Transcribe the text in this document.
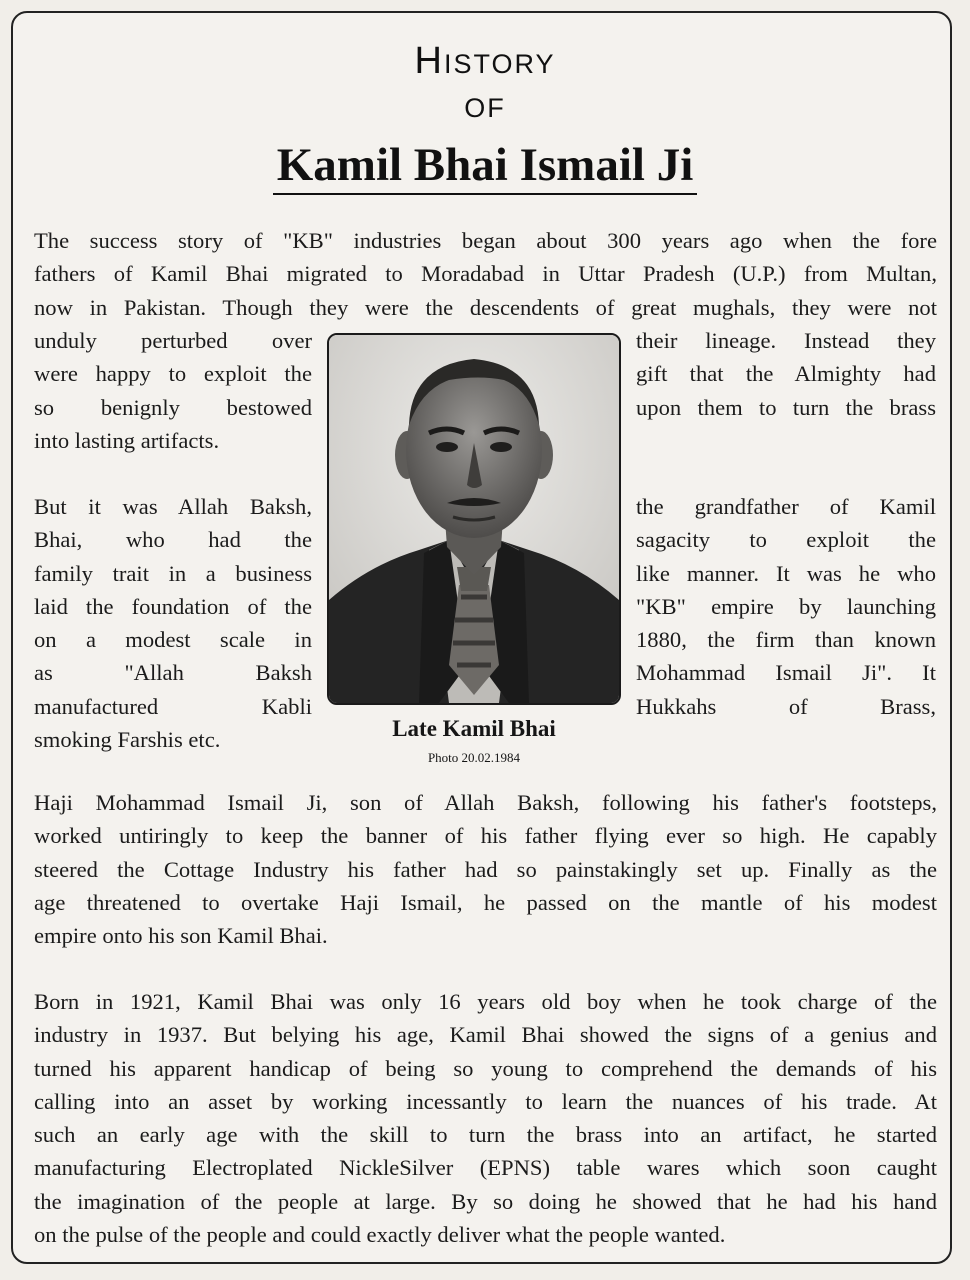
HISTORY
OF
Kamil Bhai Ismail Ji
The success story of "KB" industries began about 300 years ago when the fore
fathers of Kamil Bhai migrated to Moradabad in Uttar Pradesh (U.P.) from Multan,
now in Pakistan. Though they were the descendents of great mughals, they were not
unduly perturbed over
were happy to exploit the
so benignly bestowed
into lasting artifacts.
their lineage. Instead they
gift that the Almighty had
upon them to turn the brass
But it was Allah Baksh,
Bhai, who had the
family trait in a business
laid the foundation of the
on a modest scale in
as "Allah Baksh
manufactured Kabli
smoking Farshis etc.
the grandfather of Kamil
sagacity to exploit the
like manner. It was he who
"KB" empire by launching
1880, the firm than known
Mohammad Ismail Ji". It
Hukkahs of Brass,
Late Kamil Bhai
Photo 20.02.1984
Haji Mohammad Ismail Ji, son of Allah Baksh, following his father's footsteps,
worked untiringly to keep the banner of his father flying ever so high. He capably
steered the Cottage Industry his father had so painstakingly set up. Finally as the
age threatened to overtake Haji Ismail, he passed on the mantle of his modest
empire onto his son Kamil Bhai.
Born in 1921, Kamil Bhai was only 16 years old boy when he took charge of the
industry in 1937. But belying his age, Kamil Bhai showed the signs of a genius and
turned his apparent handicap of being so young to comprehend the demands of his
calling into an asset by working incessantly to learn the nuances of his trade. At
such an early age with the skill to turn the brass into an artifact, he started
manufacturing Electroplated NickleSilver (EPNS) table wares which soon caught
the imagination of the people at large. By so doing he showed that he had his hand
on the pulse of the people and could exactly deliver what the people wanted.
